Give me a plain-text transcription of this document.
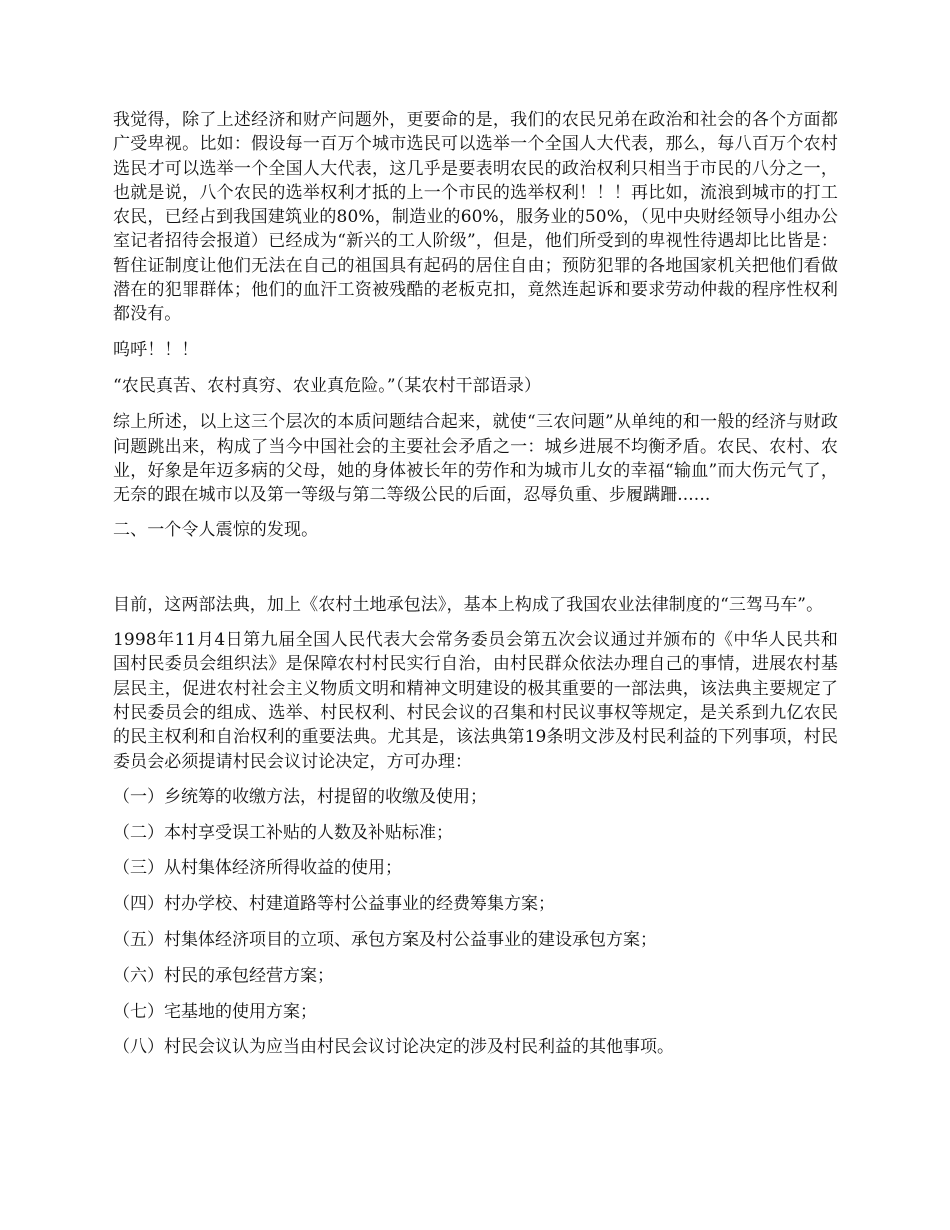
我觉得，除了上述经济和财产问题外，更要命的是，我们的农民兄弟在政治和社会的各个方面都广受卑视。比如：假设每一百万个城市选民可以选举一个全国人大代表，那么，每八百万个农村选民才可以选举一个全国人大代表，这几乎是要表明农民的政治权利只相当于市民的八分之一，也就是说，八个农民的选举权利才抵的上一个市民的选举权利！！！再比如，流浪到城市的打工农民，已经占到我国建筑业的80%，制造业的60%，服务业的50%，（见中央财经领导小组办公室记者招待会报道）已经成为“新兴的工人阶级”，但是，他们所受到的卑视性待遇却比比皆是：暂住证制度让他们无法在自己的祖国具有起码的居住自由；预防犯罪的各地国家机关把他们看做潜在的犯罪群体；他们的血汗工资被残酷的老板克扣，竟然连起诉和要求劳动仲裁的程序性权利都没有。

呜呼！！！

“农民真苦、农村真穷、农业真危险。”（某农村干部语录）

综上所述，以上这三个层次的本质问题结合起来，就使“三农问题”从单纯的和一般的经济与财政问题跳出来，构成了当今中国社会的主要社会矛盾之一：城乡进展不均衡矛盾。农民、农村、农业，好象是年迈多病的父母，她的身体被长年的劳作和为城市儿女的幸福“输血”而大伤元气了，无奈的跟在城市以及第一等级与第二等级公民的后面，忍辱负重、步履蹒跚......

二、一个令人震惊的发现。

目前，这两部法典，加上《农村土地承包法》，基本上构成了我国农业法律制度的“三驾马车”。

1998年11月4日第九届全国人民代表大会常务委员会第五次会议通过并颁布的《中华人民共和国村民委员会组织法》是保障农村村民实行自治，由村民群众依法办理自己的事情，进展农村基层民主，促进农村社会主义物质文明和精神文明建设的极其重要的一部法典，该法典主要规定了村民委员会的组成、选举、村民权利、村民会议的召集和村民议事权等规定，是关系到九亿农民的民主权利和自治权利的重要法典。尤其是，该法典第19条明文涉及村民利益的下列事项，村民委员会必须提请村民会议讨论决定，方可办理：

（一）乡统筹的收缴方法，村提留的收缴及使用；
（二）本村享受误工补贴的人数及补贴标准；
（三）从村集体经济所得收益的使用；
（四）村办学校、村建道路等村公益事业的经费筹集方案；
（五）村集体经济项目的立项、承包方案及村公益事业的建设承包方案；
（六）村民的承包经营方案；
（七）宅基地的使用方案；
（八）村民会议认为应当由村民会议讨论决定的涉及村民利益的其他事项。
